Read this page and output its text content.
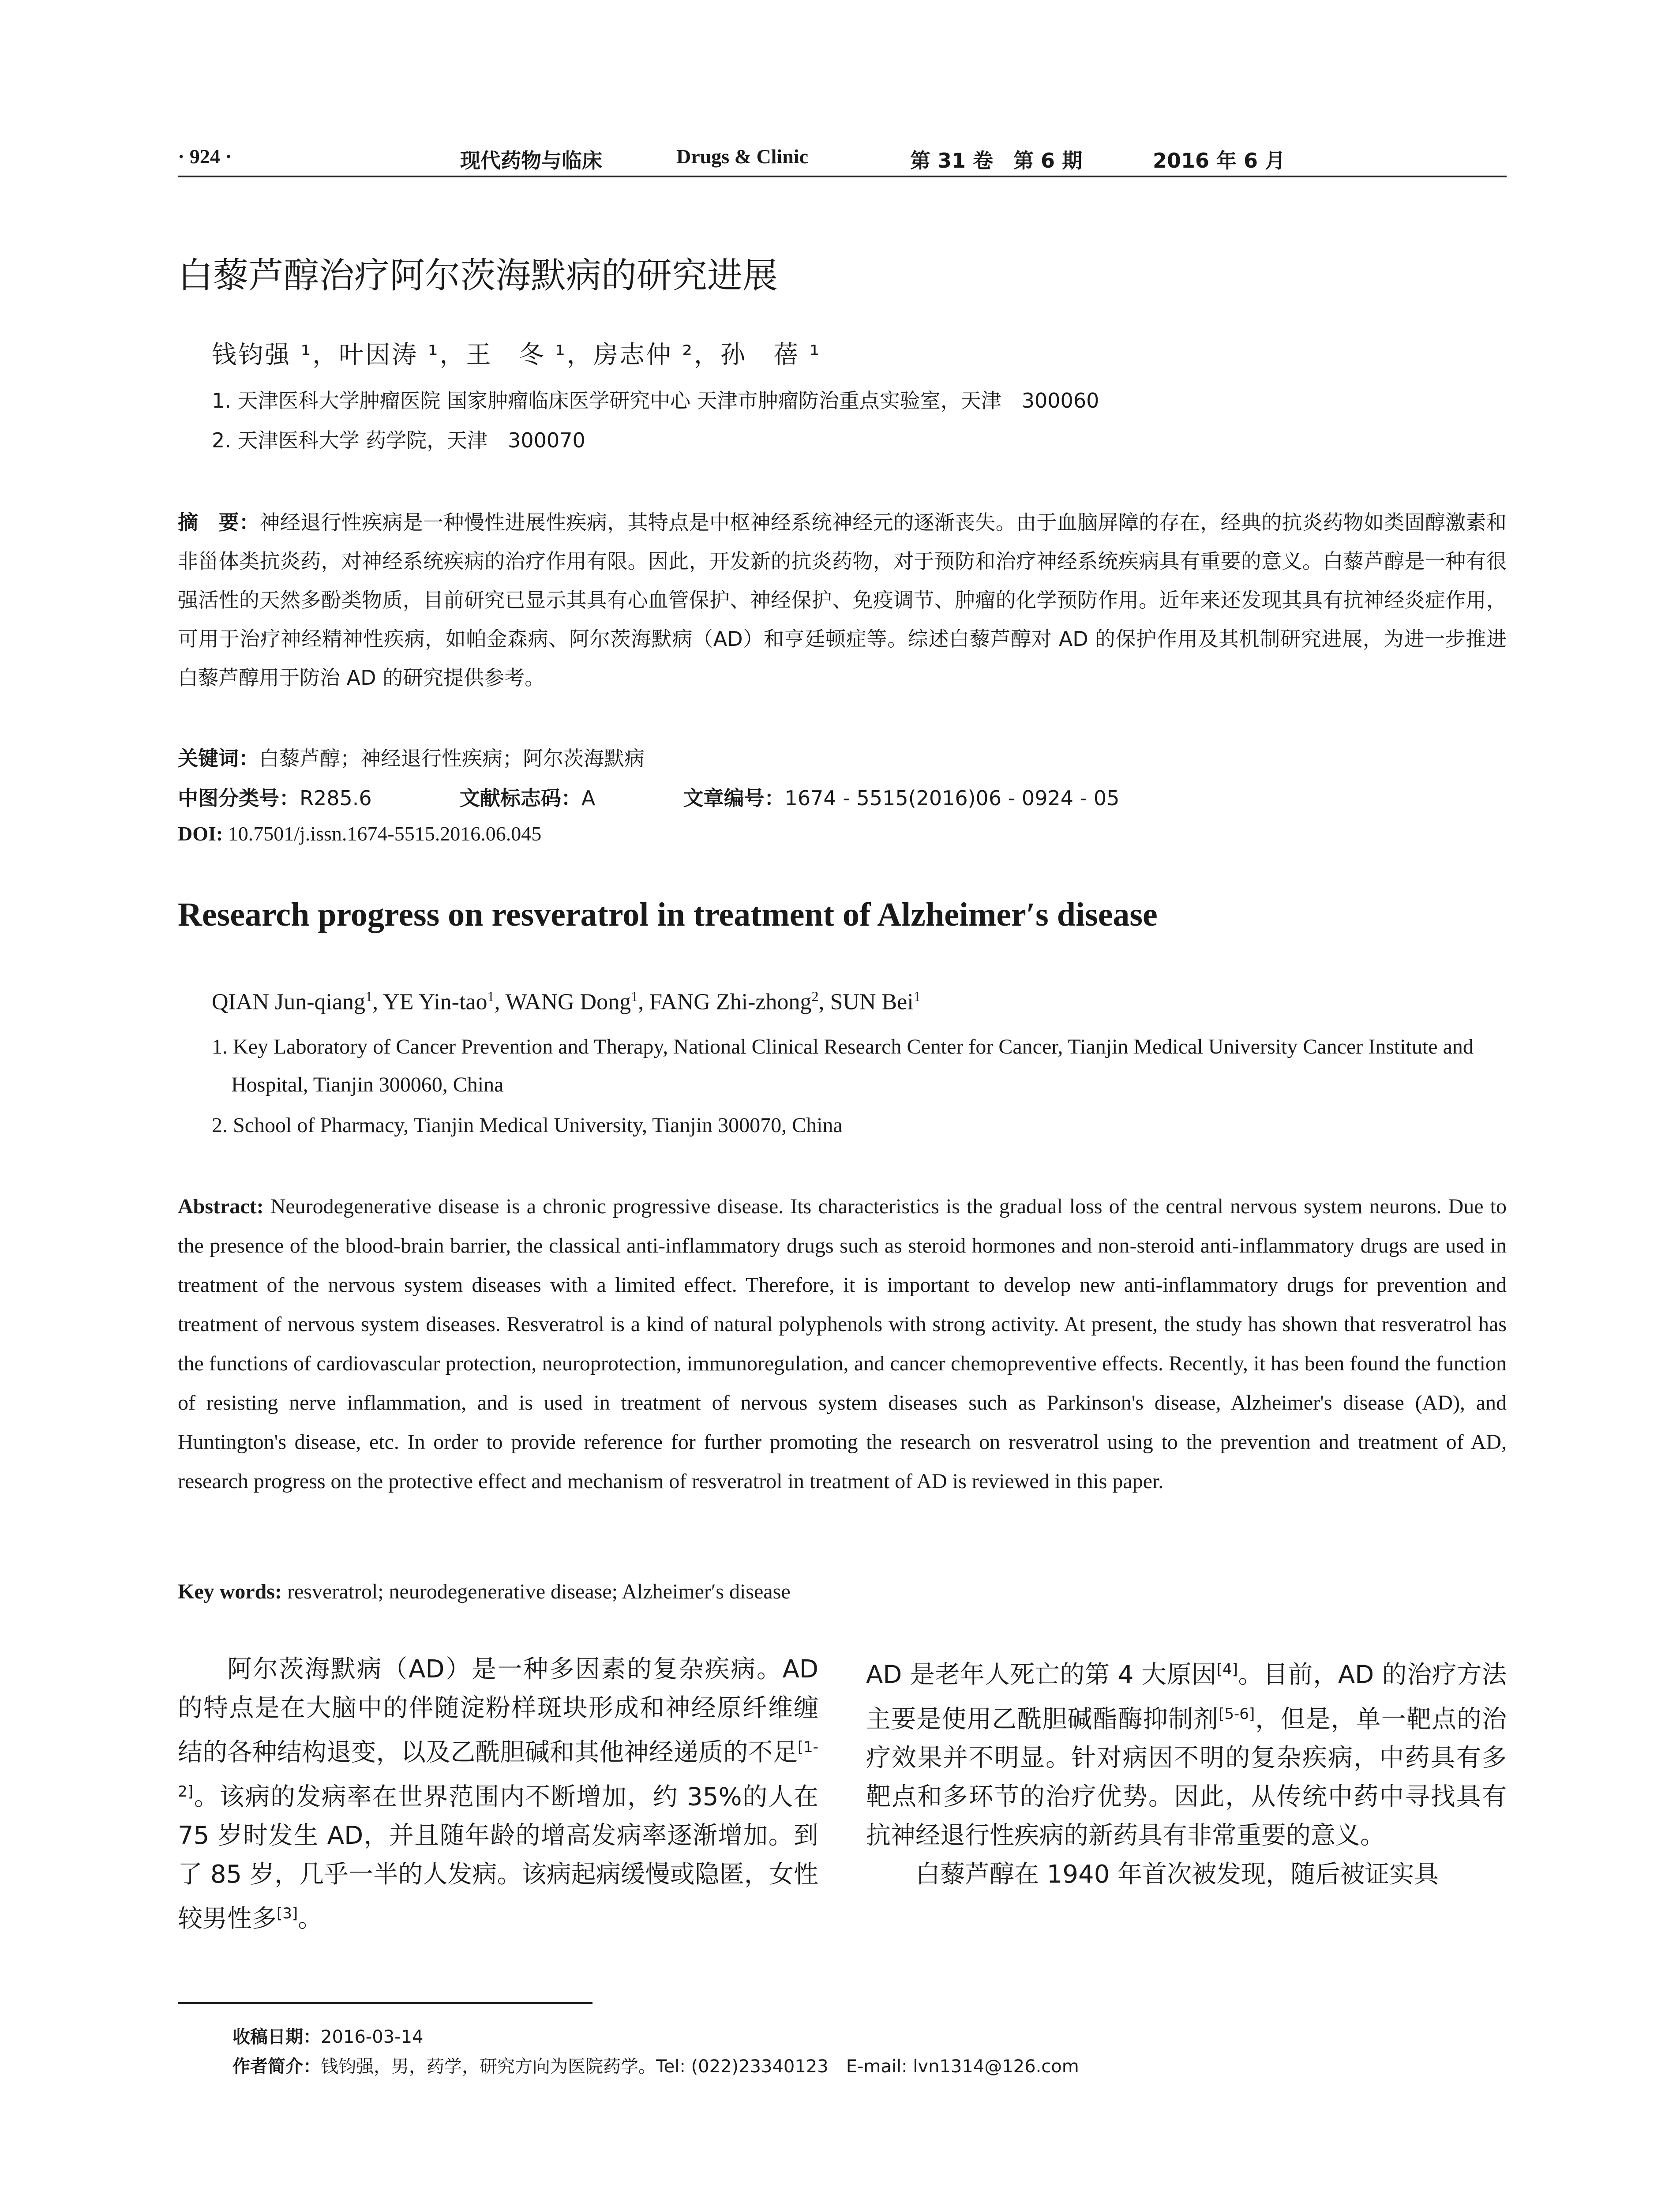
· 924 ·	现代药物与临床	Drugs & Clinic	第 31 卷　第 6 期	2016 年 6 月
白藜芦醇治疗阿尔茨海默病的研究进展
钱钧强 ¹，叶因涛 ¹，王　冬 ¹，房志仲 ²，孙　蓓 ¹
1. 天津医科大学肿瘤医院 国家肿瘤临床医学研究中心 天津市肿瘤防治重点实验室，天津　300060
2. 天津医科大学 药学院，天津　300070
摘　要：神经退行性疾病是一种慢性进展性疾病，其特点是中枢神经系统神经元的逐渐丧失。由于血脑屏障的存在，经典的抗炎药物如类固醇激素和非甾体类抗炎药，对神经系统疾病的治疗作用有限。因此，开发新的抗炎药物，对于预防和治疗神经系统疾病具有重要的意义。白藜芦醇是一种有很强活性的天然多酚类物质，目前研究已显示其具有心血管保护、神经保护、免疫调节、肿瘤的化学预防作用。近年来还发现其具有抗神经炎症作用，可用于治疗神经精神性疾病，如帕金森病、阿尔茨海默病（AD）和亨廷顿症等。综述白藜芦醇对 AD 的保护作用及其机制研究进展，为进一步推进白藜芦醇用于防治 AD 的研究提供参考。
关键词：白藜芦醇；神经退行性疾病；阿尔茨海默病
中图分类号：R285.6	文献标志码：A	文章编号：1674 - 5515(2016)06 - 0924 - 05
DOI: 10.7501/j.issn.1674-5515.2016.06.045
Research progress on resveratrol in treatment of Alzheimer′s disease
QIAN Jun-qiang$^1$, YE Yin-tao$^1$, WANG Dong$^1$, FANG Zhi-zhong$^2$, SUN Bei$^1$
1. Key Laboratory of Cancer Prevention and Therapy, National Clinical Research Center for Cancer, Tianjin Medical University Cancer Institute and Hospital, Tianjin 300060, China
2. School of Pharmacy, Tianjin Medical University, Tianjin 300070, China
Abstract: Neurodegenerative disease is a chronic progressive disease. Its characteristics is the gradual loss of the central nervous system neurons. Due to the presence of the blood-brain barrier, the classical anti-inflammatory drugs such as steroid hormones and non-steroid anti-inflammatory drugs are used in treatment of the nervous system diseases with a limited effect. Therefore, it is important to develop new anti-inflammatory drugs for prevention and treatment of nervous system diseases. Resveratrol is a kind of natural polyphenols with strong activity. At present, the study has shown that resveratrol has the functions of cardiovascular protection, neuroprotection, immunoregulation, and cancer chemopreventive effects. Recently, it has been found the function of resisting nerve inflammation, and is used in treatment of nervous system diseases such as Parkinson's disease, Alzheimer's disease (AD), and Huntington's disease, etc. In order to provide reference for further promoting the research on resveratrol using to the prevention and treatment of AD, research progress on the protective effect and mechanism of resveratrol in treatment of AD is reviewed in this paper.
Key words: resveratrol; neurodegenerative disease; Alzheimer′s disease

阿尔茨海默病（AD）是一种多因素的复杂疾病。AD 的特点是在大脑中的伴随淀粉样斑块形成和神经原纤维缠结的各种结构退变，以及乙酰胆碱和其他神经递质的不足[1-2]。该病的发病率在世界范围内不断增加，约 35%的人在 75 岁时发生 AD，并且随年龄的增高发病率逐渐增加。到了 85 岁，几乎一半的人发病。该病起病缓慢或隐匿，女性较男性多[3]。

AD 是老年人死亡的第 4 大原因[4]。目前，AD 的治疗方法主要是使用乙酰胆碱酯酶抑制剂[5-6]，但是，单一靶点的治疗效果并不明显。针对病因不明的复杂疾病，中药具有多靶点和多环节的治疗优势。因此，从传统中药中寻找具有抗神经退行性疾病的新药具有非常重要的意义。

白藜芦醇在 1940 年首次被发现，随后被证实具

收稿日期：2016-03-14
作者简介：钱钧强，男，药学，研究方向为医院药学。Tel: (022)23340123　E-mail: lvn1314@126.com
